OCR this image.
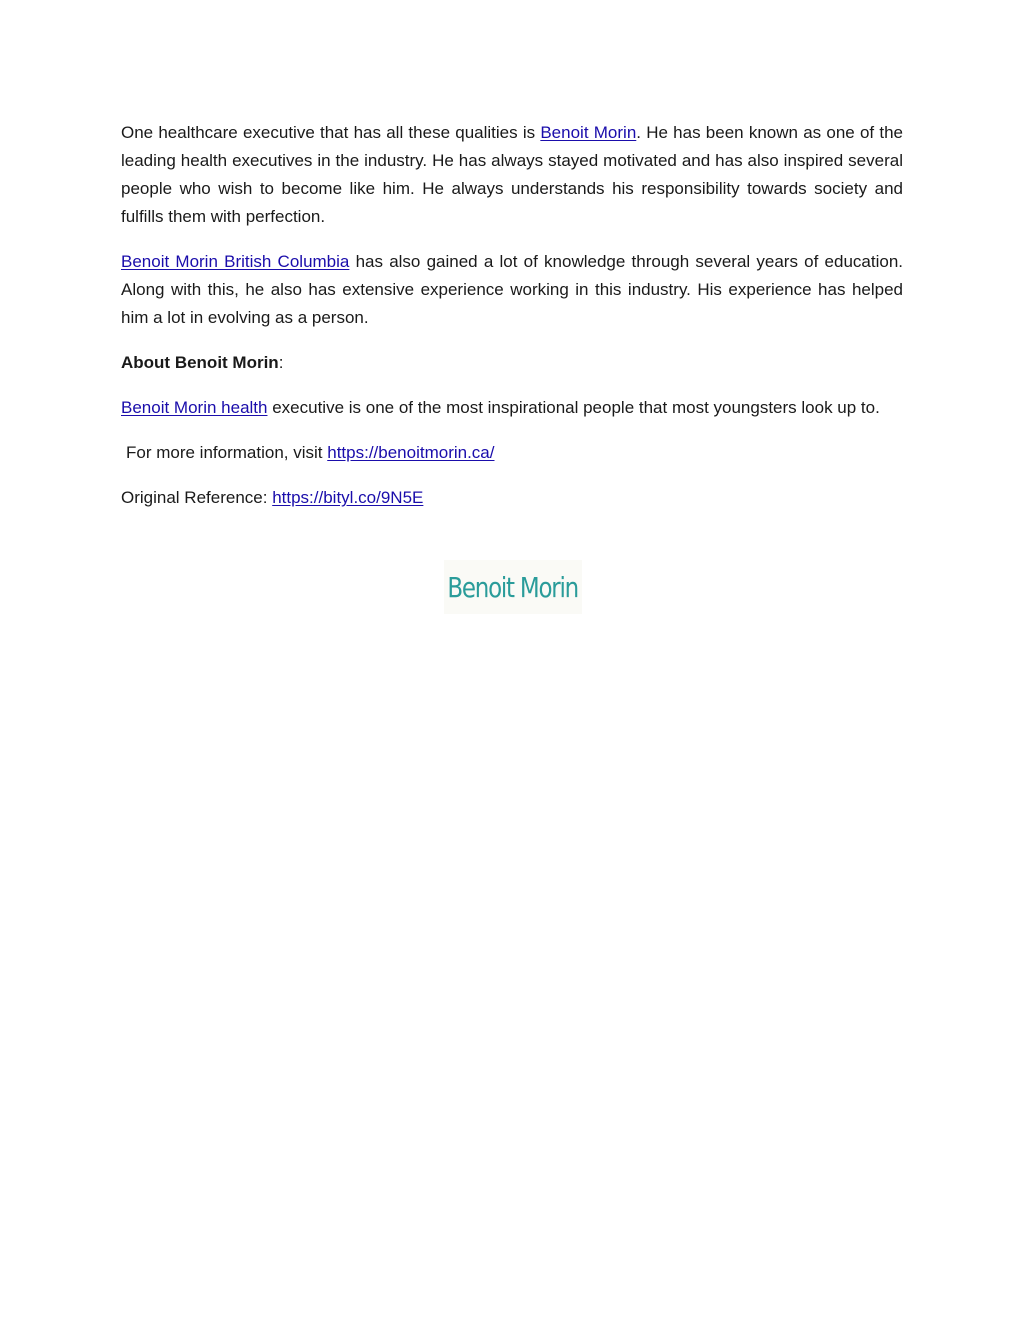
One healthcare executive that has all these qualities is Benoit Morin. He has been known as one of the leading health executives in the industry. He has always stayed motivated and has also inspired several people who wish to become like him. He always understands his responsibility towards society and fulfills them with perfection.

Benoit Morin British Columbia has also gained a lot of knowledge through several years of education. Along with this, he also has extensive experience working in this industry. His experience has helped him a lot in evolving as a person.

About Benoit Morin:

Benoit Morin health executive is one of the most inspirational people that most youngsters look up to.

For more information, visit https://benoitmorin.ca/

Original Reference: https://bityl.co/9N5E

Benoit Morin
